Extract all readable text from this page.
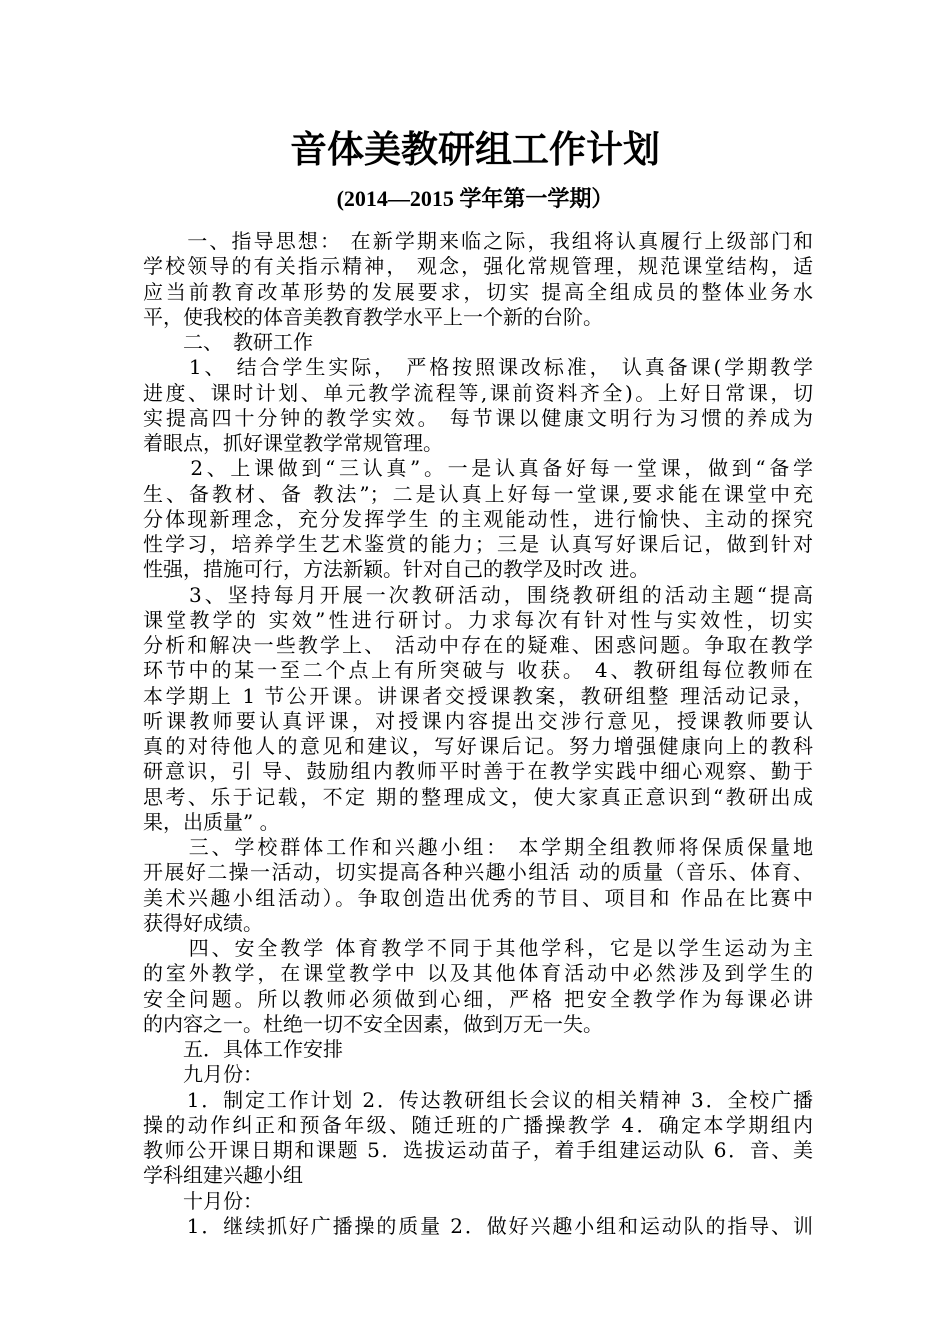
音体美教研组工作计划
(2014—2015 学年第一学期）
　　一、指导思想： 在新学期来临之际，我组将认真履行上级部门和
学校领导的有关指示精神， 观念，强化常规管理，规范课堂结构，适
应当前教育改革形势的发展要求，切实 提高全组成员的整体业务水
平，使我校的体音美教育教学水平上一个新的台阶。
　　二、　教研工作
　　1、 结合学生实际， 严格按照课改标准， 认真备课(学期教学
进度、课时计划、单元教学流程等,课前资料齐全)。上好日常课，切
实提高四十分钟的教学实效。 每节课以健康文明行为习惯的养成为
着眼点，抓好课堂教学常规管理。
　　2、上课做到“三认真”。一是认真备好每一堂课，做到“备学
生、备教材、备 教法”；二是认真上好每一堂课,要求能在课堂中充
分体现新理念，充分发挥学生 的主观能动性，进行愉快、主动的探究
性学习，培养学生艺术鉴赏的能力；三是 认真写好课后记，做到针对
性强，措施可行，方法新颖。针对自己的教学及时改 进。
　　3、坚持每月开展一次教研活动，围绕教研组的活动主题“提高
课堂教学的 实效”性进行研讨。力求每次有针对性与实效性，切实
分析和解决一些教学上、 活动中存在的疑难、困惑问题。争取在教学
环节中的某一至二个点上有所突破与 收获。 4、教研组每位教师在
本学期上 1 节公开课。讲课者交授课教案，教研组整 理活动记录，
听课教师要认真评课，对授课内容提出交涉行意见，授课教师要认
真的对待他人的意见和建议，写好课后记。努力增强健康向上的教科
研意识，引 导、鼓励组内教师平时善于在教学实践中细心观察、勤于
思考、乐于记载，不定 期的整理成文，使大家真正意识到“教研出成
果，出质量” 。
　　三、学校群体工作和兴趣小组： 本学期全组教师将保质保量地
开展好二操一活动，切实提高各种兴趣小组活 动的质量（音乐、体育、
美术兴趣小组活动）。争取创造出优秀的节目、项目和 作品在比赛中
获得好成绩。
　　四、安全教学 体育教学不同于其他学科，它是以学生运动为主
的室外教学，在课堂教学中 以及其他体育活动中必然涉及到学生的
安全问题。所以教师必须做到心细，严格 把安全教学作为每课必讲
的内容之一。杜绝一切不安全因素，做到万无一失。
　　五．具体工作安排
　　九月份：
　　1．制定工作计划 2．传达教研组长会议的相关精神 3．全校广播
操的动作纠正和预备年级、随迁班的广播操教学 4．确定本学期组内
教师公开课日期和课题 5．选拔运动苗子，着手组建运动队 6．音、美
学科组建兴趣小组
　　十月份：
　　1．继续抓好广播操的质量 2．做好兴趣小组和运动队的指导、训
